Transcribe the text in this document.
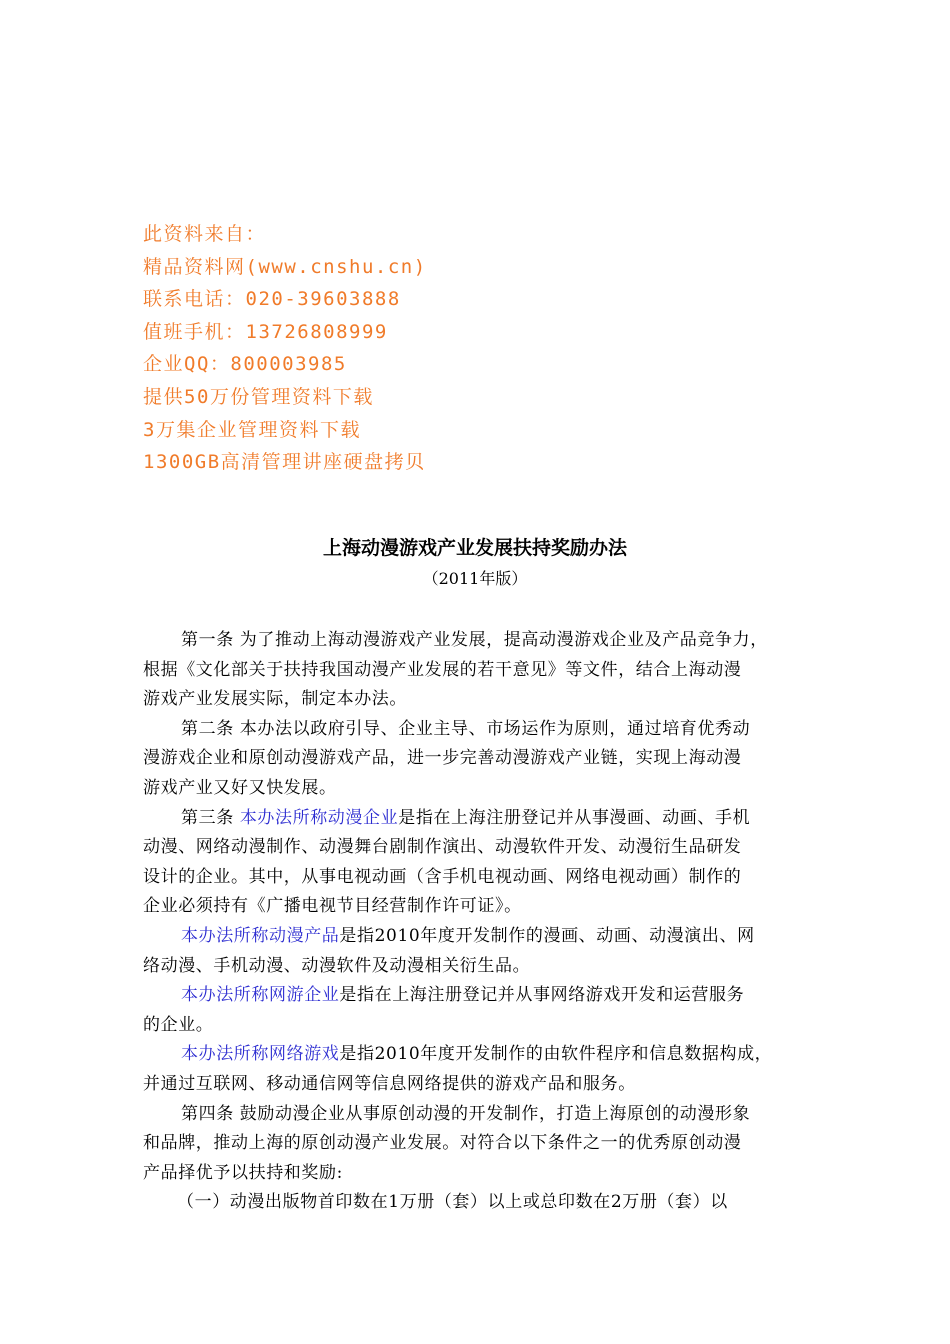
此资料来自：
精品资料网(www.cnshu.cn)
联系电话：020-39603888
值班手机：13726808999
企业QQ：800003985
提供50万份管理资料下载
3万集企业管理资料下载
1300GB高清管理讲座硬盘拷贝
上海动漫游戏产业发展扶持奖励办法
（2011年版）
第一条 为了推动上海动漫游戏产业发展，提高动漫游戏企业及产品竞争力，
根据《文化部关于扶持我国动漫产业发展的若干意见》等文件，结合上海动漫
游戏产业发展实际，制定本办法。
第二条 本办法以政府引导、企业主导、市场运作为原则，通过培育优秀动
漫游戏企业和原创动漫游戏产品，进一步完善动漫游戏产业链，实现上海动漫
游戏产业又好又快发展。
第三条 本办法所称动漫企业是指在上海注册登记并从事漫画、动画、手机
动漫、网络动漫制作、动漫舞台剧制作演出、动漫软件开发、动漫衍生品研发
设计的企业。其中，从事电视动画（含手机电视动画、网络电视动画）制作的
企业必须持有《广播电视节目经营制作许可证》。
本办法所称动漫产品是指2010年度开发制作的漫画、动画、动漫演出、网
络动漫、手机动漫、动漫软件及动漫相关衍生品。
本办法所称网游企业是指在上海注册登记并从事网络游戏开发和运营服务
的企业。
本办法所称网络游戏是指2010年度开发制作的由软件程序和信息数据构成，
并通过互联网、移动通信网等信息网络提供的游戏产品和服务。
第四条 鼓励动漫企业从事原创动漫的开发制作，打造上海原创的动漫形象
和品牌，推动上海的原创动漫产业发展。对符合以下条件之一的优秀原创动漫
产品择优予以扶持和奖励:
（一）动漫出版物首印数在1万册（套）以上或总印数在2万册（套）以
